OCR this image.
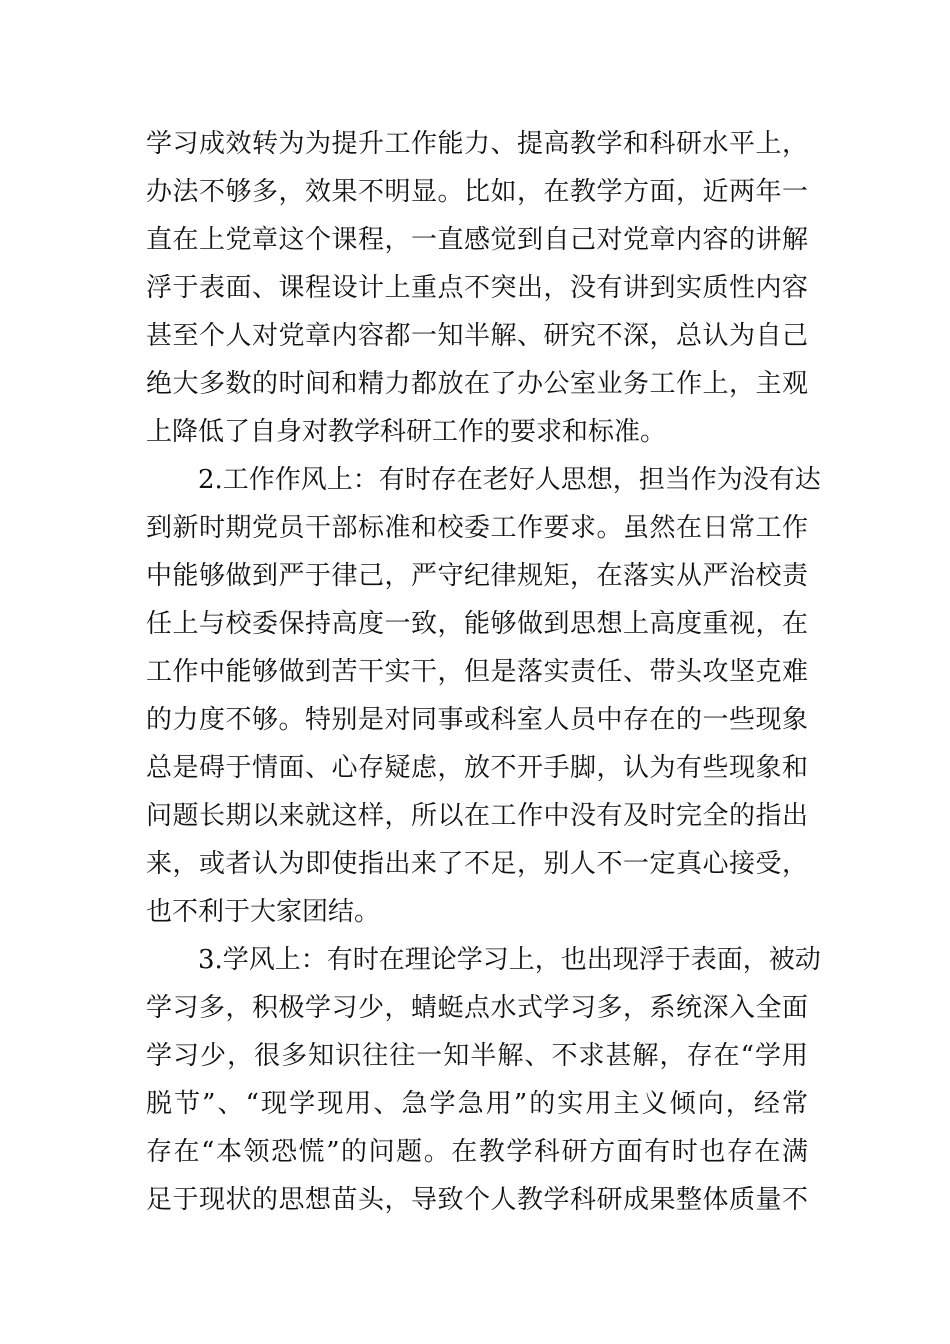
学习成效转为为提升工作能力、提高教学和科研水平上，
办法不够多，效果不明显。比如，在教学方面，近两年一
直在上党章这个课程，一直感觉到自己对党章内容的讲解
浮于表面、课程设计上重点不突出，没有讲到实质性内容
甚至个人对党章内容都一知半解、研究不深，总认为自己
绝大多数的时间和精力都放在了办公室业务工作上，主观
上降低了自身对教学科研工作的要求和标准。
2.工作作风上：有时存在老好人思想，担当作为没有达
到新时期党员干部标准和校委工作要求。虽然在日常工作
中能够做到严于律己，严守纪律规矩，在落实从严治校责
任上与校委保持高度一致，能够做到思想上高度重视，在
工作中能够做到苦干实干，但是落实责任、带头攻坚克难
的力度不够。特别是对同事或科室人员中存在的一些现象
总是碍于情面、心存疑虑，放不开手脚，认为有些现象和
问题长期以来就这样，所以在工作中没有及时完全的指出
来，或者认为即使指出来了不足，别人不一定真心接受，
也不利于大家团结。
3.学风上：有时在理论学习上，也出现浮于表面，被动
学习多，积极学习少，蜻蜓点水式学习多，系统深入全面
学习少，很多知识往往一知半解、不求甚解，存在“学用
脱节”、“现学现用、急学急用”的实用主义倾向，经常
存在“本领恐慌”的问题。在教学科研方面有时也存在满
足于现状的思想苗头，导致个人教学科研成果整体质量不
